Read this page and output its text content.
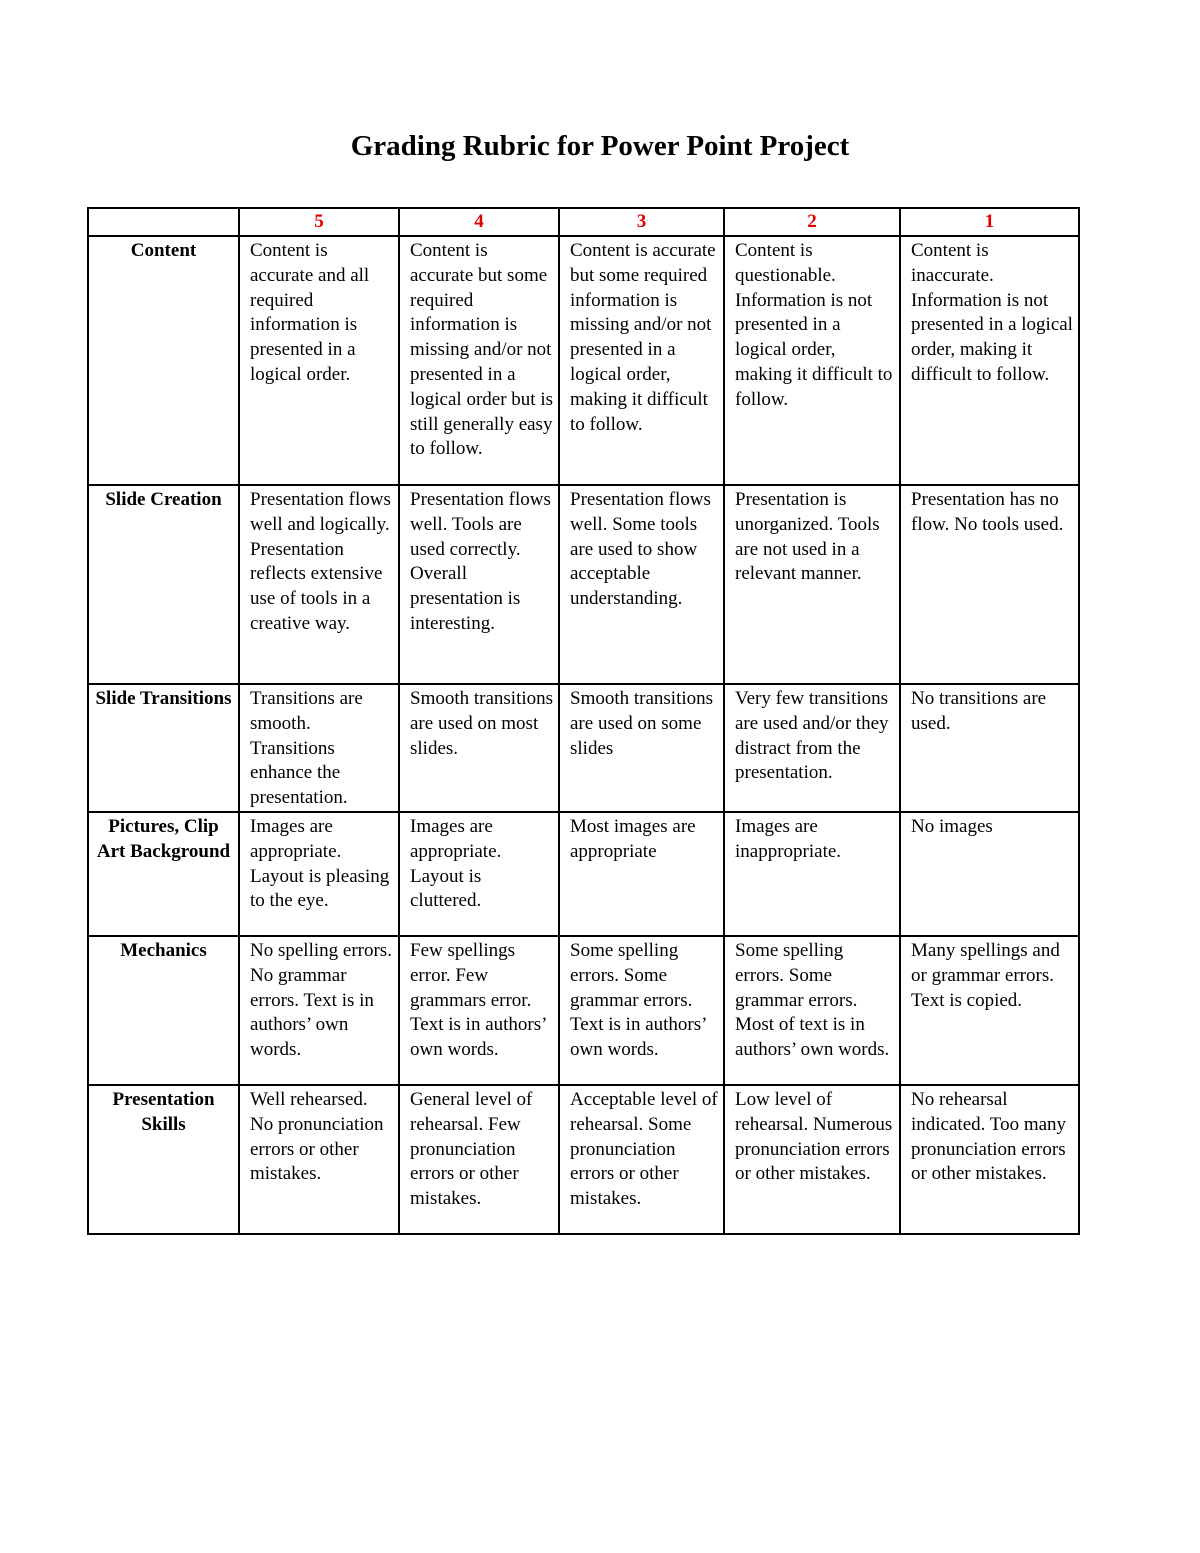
Grading Rubric for Power Point Project
	5	4	3	2	1
Content	Content is accurate and all required information is presented in a logical order.	Content is accurate but some required information is missing and/or not presented in a logical order but is still generally easy to follow.	Content is accurate but some required information is missing and/or not presented in a logical order, making it difficult to follow.	Content is questionable. Information is not presented in a logical order, making it difficult to follow.	Content is inaccurate. Information is not presented in a logical order, making it difficult to follow.
Slide Creation	Presentation flows well and logically. Presentation reflects extensive use of tools in a creative way.	Presentation flows well. Tools are used correctly. Overall presentation is interesting.	Presentation flows well. Some tools are used to show acceptable understanding.	Presentation is unorganized. Tools are not used in a relevant manner.	Presentation has no flow. No tools used.
Slide Transitions	Transitions are smooth. Transitions enhance the presentation.	Smooth transitions are used on most slides.	Smooth transitions are used on some slides	Very few transitions are used and/or they distract from the presentation.	No transitions are used.
Pictures, Clip Art Background	Images are appropriate. Layout is pleasing to the eye.	Images are appropriate. Layout is cluttered.	Most images are appropriate	Images are inappropriate.	No images
Mechanics	No spelling errors. No grammar errors. Text is in authors’ own words.	Few spellings error. Few grammars error. Text is in authors’ own words.	Some spelling errors. Some grammar errors. Text is in authors’ own words.	Some spelling errors. Some grammar errors. Most of text is in authors’ own words.	Many spellings and or grammar errors. Text is copied.
Presentation Skills	Well rehearsed. No pronunciation errors or other mistakes.	General level of rehearsal. Few pronunciation errors or other mistakes.	Acceptable level of rehearsal. Some pronunciation errors or other mistakes.	Low level of rehearsal. Numerous pronunciation errors or other mistakes.	No rehearsal indicated. Too many pronunciation errors or other mistakes.
